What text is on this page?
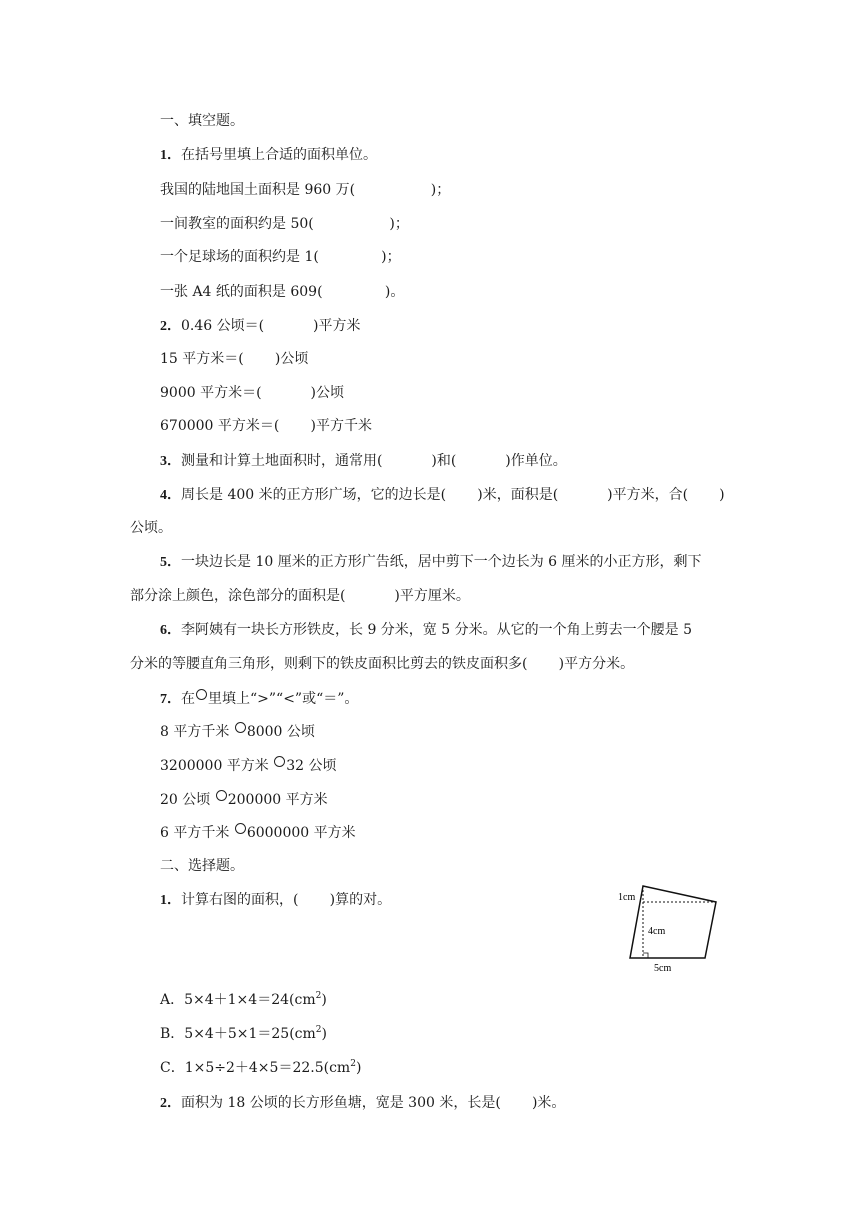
一、填空题。
1．在括号里填上合适的面积单位。
我国的陆地国土面积是 960 万(                 )；
一间教室的面积约是 50(                 )；
一个足球场的面积约是 1(              )；
一张 A4 纸的面积是 609(              )。
2．0.46 公顷＝(           )平方米
15 平方米＝(       )公顷
9000 平方米＝(           )公顷
670000 平方米＝(       )平方千米
3．测量和计算土地面积时，通常用(           )和(           )作单位。
4．周长是 400 米的正方形广场，它的边长是(       )米，面积是(           )平方米，合(       )
公顷。
5．一块边长是 10 厘米的正方形广告纸，居中剪下一个边长为 6 厘米的小正方形，剩下
部分涂上颜色，涂色部分的面积是(           )平方厘米。
6．李阿姨有一块长方形铁皮，长 9 分米，宽 5 分米。从它的一个角上剪去一个腰是 5
分米的等腰直角三角形，则剩下的铁皮面积比剪去的铁皮面积多(       )平方分米。
7．在 里填上“>”“<”或“＝”。
8 平方千米 8000 公顷
3200000 平方米 32 公顷
20 公顷 200000 平方米
6 平方千米 6000000 平方米
二、选择题。
1．计算右图的面积，(       )算的对。	1cm
4cm
5cm
A．$5\times 4+1\times 4=24(cm^2)$
B．$5\times 4+5\times 1=25(cm^2)$
C．$1\times 5\div 2+4\times 5=22.5(cm^2)$
2．面积为 18 公顷的长方形鱼塘，宽是 300 米，长是(       )米。
